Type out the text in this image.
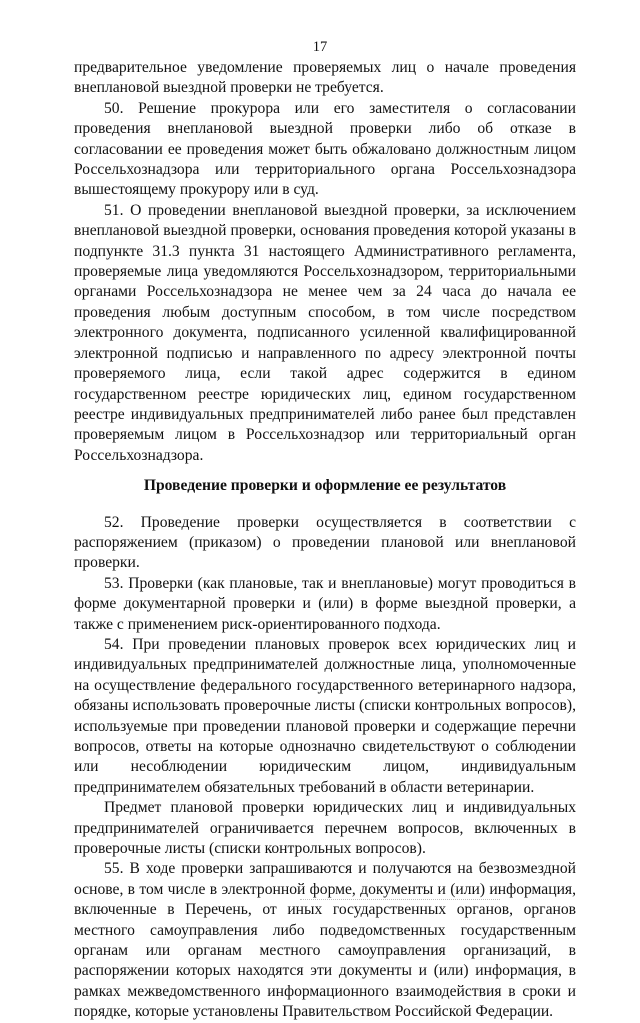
17

предварительное уведомление проверяемых лиц о начале проведения внеплановой выездной проверки не требуется.

50. Решение прокурора или его заместителя о согласовании проведения внеплановой выездной проверки либо об отказе в согласовании ее проведения может быть обжаловано должностным лицом Россельхознадзора или территориального органа Россельхознадзора вышестоящему прокурору или в суд.

51. О проведении внеплановой выездной проверки, за исключением внеплановой выездной проверки, основания проведения которой указаны в подпункте 31.3 пункта 31 настоящего Административного регламента, проверяемые лица уведомляются Россельхознадзором, территориальными органами Россельхознадзора не менее чем за 24 часа до начала ее проведения любым доступным способом, в том числе посредством электронного документа, подписанного усиленной квалифицированной электронной подписью и направленного по адресу электронной почты проверяемого лица, если такой адрес содержится в едином государственном реестре юридических лиц, едином государственном реестре индивидуальных предпринимателей либо ранее был представлен проверяемым лицом в Россельхознадзор или территориальный орган Россельхознадзора.

Проведение проверки и оформление ее результатов

52. Проведение проверки осуществляется в соответствии с распоряжением (приказом) о проведении плановой или внеплановой проверки.

53. Проверки (как плановые, так и внеплановые) могут проводиться в форме документарной проверки и (или) в форме выездной проверки, а также с применением риск-ориентированного подхода.

54. При проведении плановых проверок всех юридических лиц и индивидуальных предпринимателей должностные лица, уполномоченные на осуществление федерального государственного ветеринарного надзора, обязаны использовать проверочные листы (списки контрольных вопросов), используемые при проведении плановой проверки и содержащие перечни вопросов, ответы на которые однозначно свидетельствуют о соблюдении или несоблюдении юридическим лицом, индивидуальным предпринимателем обязательных требований в области ветеринарии.

Предмет плановой проверки юридических лиц и индивидуальных предпринимателей ограничивается перечнем вопросов, включенных в проверочные листы (списки контрольных вопросов).

55. В ходе проверки запрашиваются и получаются на безвозмездной основе, в том числе в электронной форме, документы и (или) информация, включенные в Перечень, от иных государственных органов, органов местного самоуправления либо подведомственных государственным органам или органам местного самоуправления организаций, в распоряжении которых находятся эти документы и (или) информация, в рамках межведомственного информационного взаимодействия в сроки и порядке, которые установлены Правительством Российской Федерации.
